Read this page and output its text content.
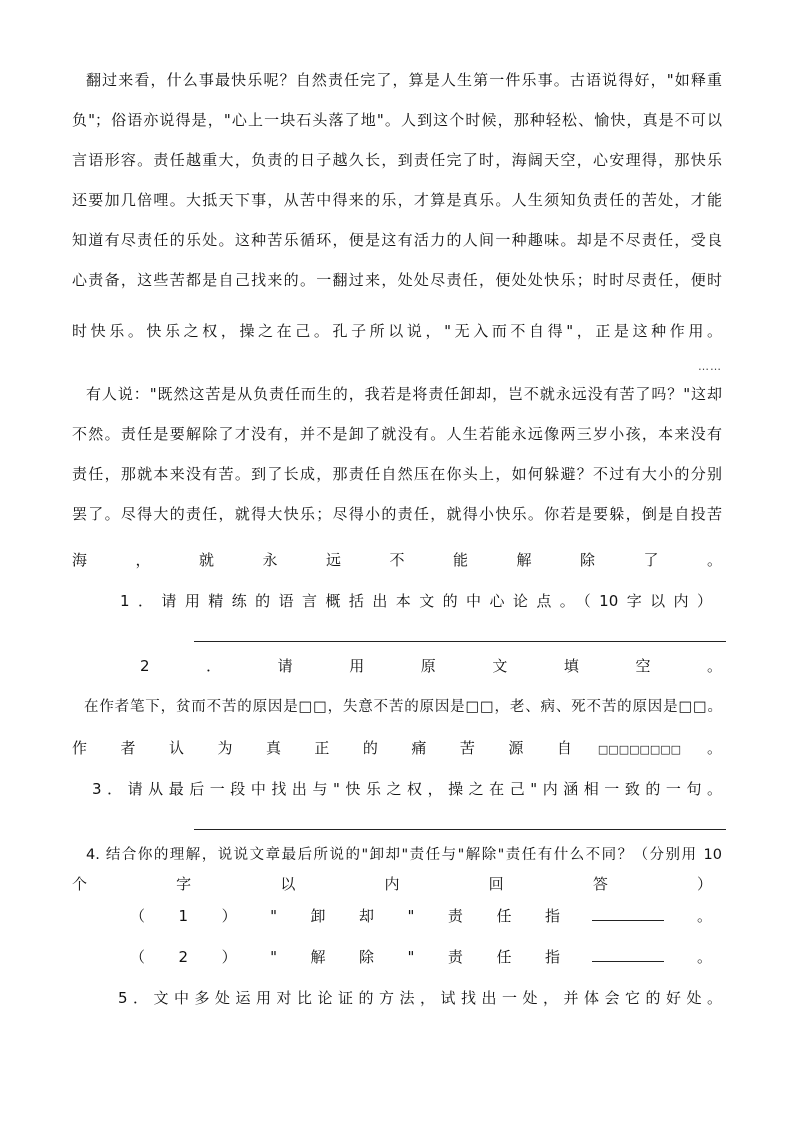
翻过来看，什么事最快乐呢？自然责任完了，算是人生第一件乐事。古语说得好，"如释重
负"；俗语亦说得是，"心上一块石头落了地"。人到这个时候，那种轻松、愉快，真是不可以
言语形容。责任越重大，负责的日子越久长，到责任完了时，海阔天空，心安理得，那快乐
还要加几倍哩。大抵天下事，从苦中得来的乐，才算是真乐。人生须知负责任的苦处，才能
知道有尽责任的乐处。这种苦乐循环，便是这有活力的人间一种趣味。却是不尽责任，受良
心责备，这些苦都是自己找来的。一翻过来，处处尽责任，便处处快乐；时时尽责任，便时
时快乐。快乐之权，操之在己。孔子所以说，"无入而不自得"，正是这种作用。
……
有人说："既然这苦是从负责任而生的，我若是将责任卸却，岂不就永远没有苦了吗？"这却
不然。责任是要解除了才没有，并不是卸了就没有。人生若能永远像两三岁小孩，本来没有
责任，那就本来没有苦。到了长成，那责任自然压在你头上，如何躲避？不过有大小的分别
罢了。尽得大的责任，就得大快乐；尽得小的责任，就得小快乐。你若是要躲，倒是自投苦
海，就永远不能解除了。
1．请用精练的语言概括出本文的中心论点。（10字以内）
2．请用原文填空。
在作者笔下，贫而不苦的原因是□□，失意不苦的原因是□□，老、病、死不苦的原因是□□。
作 者 认 为 真 正 的 痛 苦 源 自 □□□□□□□□ 。
3．请从最后一段中找出与"快乐之权，操之在己"内涵相一致的一句。
4. 结合你的理解，说说文章最后所说的"卸却"责任与"解除"责任有什么不同？（分别用 10
个字以内回答）
（ 1 ） " 卸 却 " 责 任 指	。
（ 2 ） " 解 除 " 责 任 指	。
5．文中多处运用对比论证的方法，试找出一处，并体会它的好处。
